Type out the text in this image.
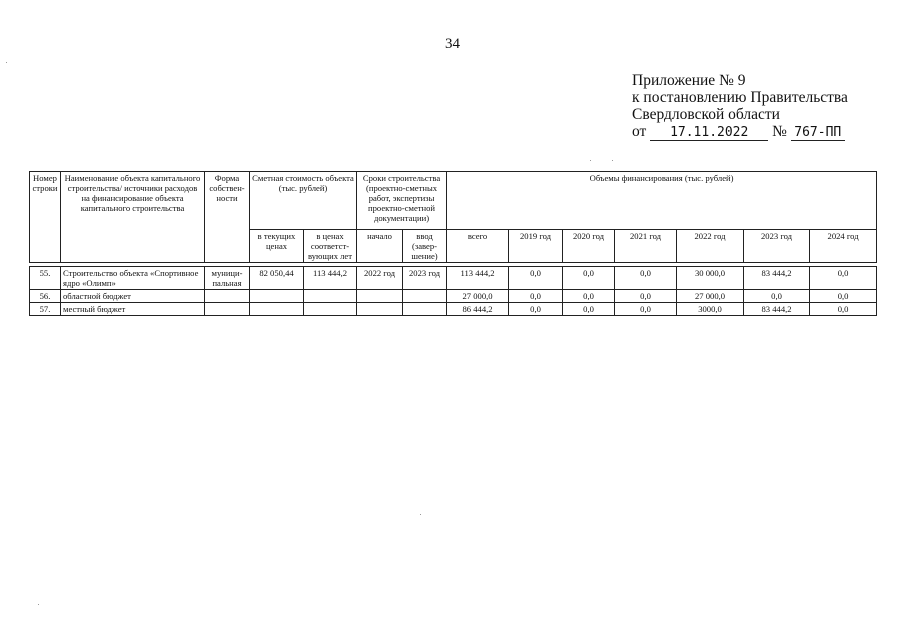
34
Приложение № 9
к постановлению Правительства
Свердловской области
от 17.11.2022 № 767-ПП
Номер строки	Наименование объекта капитального строительства/ источники расходов на финансирование объекта капитального строительства	Форма собствен-ности	Сметная стоимость объекта (тыс. рублей)		Сроки строительства (проектно-сметных работ, экспертизы проектно-сметной документации)		Объемы финансирования (тыс. рублей)						
			в текущих ценах	в ценах соответст-вующих лет	начало	ввод (завер-шение)	всего	2019 год	2020 год	2021 год	2022 год	2023 год	2024 год

55.	Строительство объекта «Спортивное ядро «Олимп»	муници-пальная	82 050,44	113 444,2	2022 год	2023 год	113 444,2	0,0	0,0	0,0	30 000,0	83 444,2	0,0
56.	областной бюджет						27 000,0	0,0	0,0	0,0	27 000,0	0,0	0,0
57.	местный бюджет						86 444,2	0,0	0,0	0,0	3000,0	83 444,2	0,0
